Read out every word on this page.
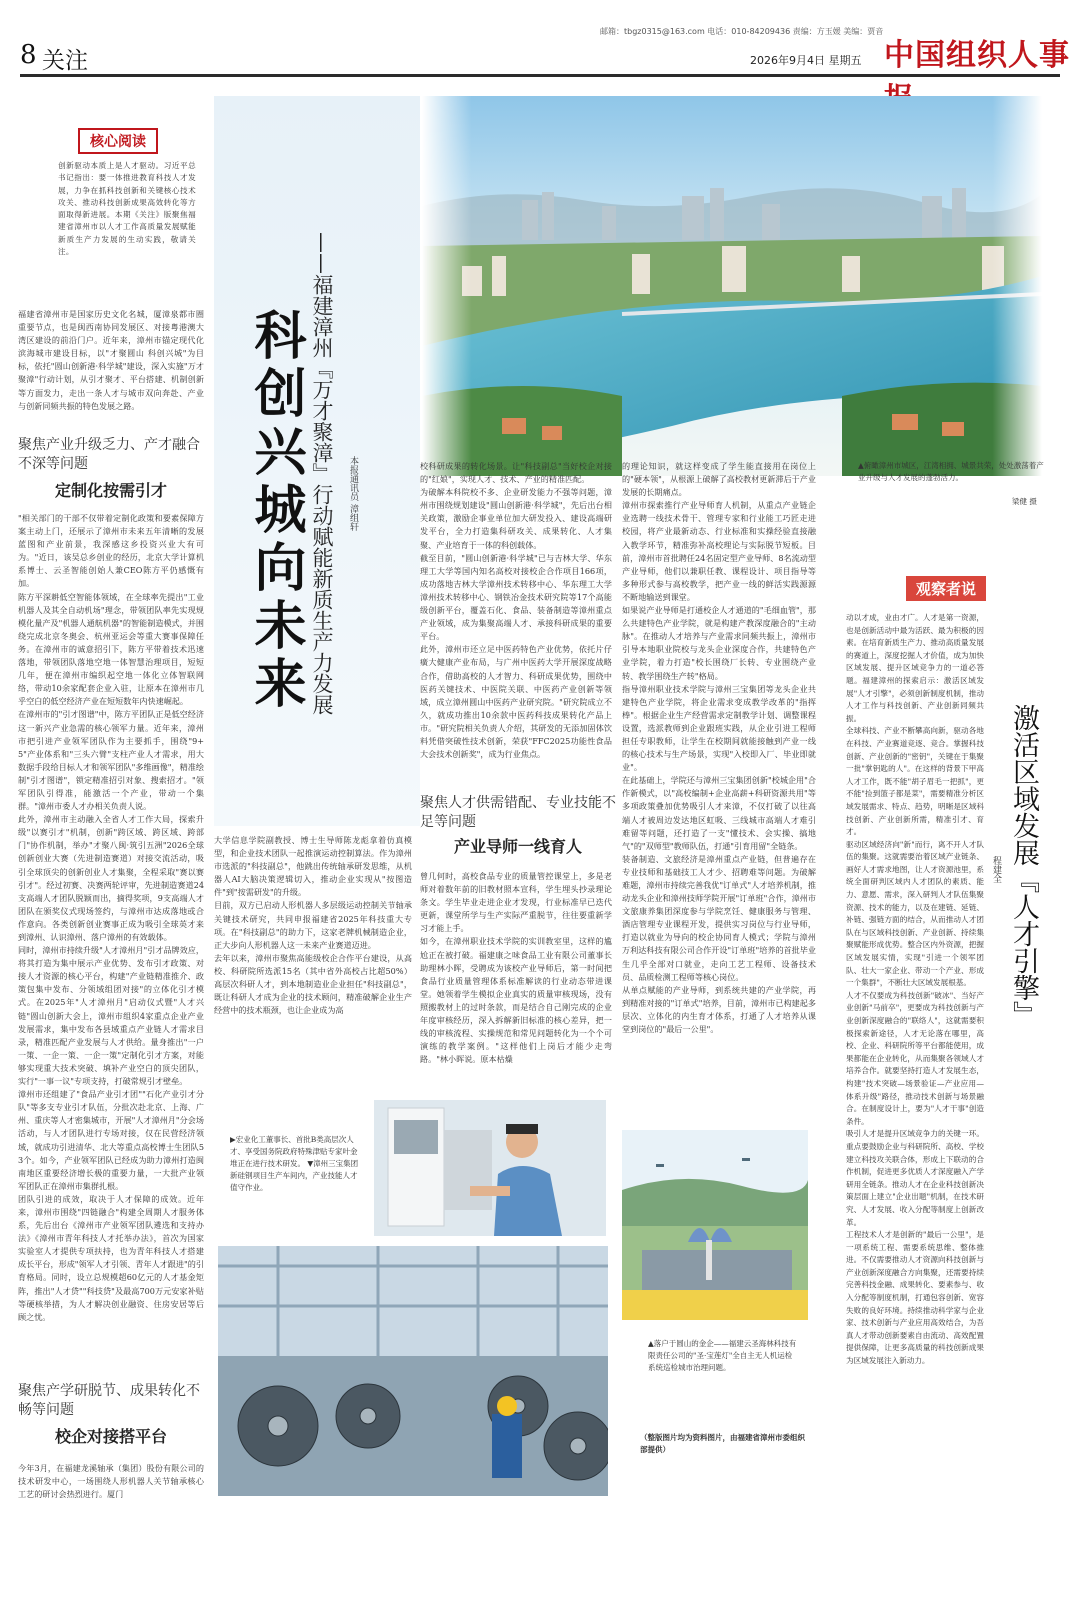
8 关注
邮箱：tbgz0315@163.com 电话：010-84209436 责编：方玉媛 美编：贾音
2026年9月4日 星期五 中国组织人事
▲俯瞰漳州市城区，江湾相拥、城景共荣，处处激荡着产业升级与人才发展的蓬勃活力。
梁健 摄
核心阅读
创新驱动本质上是人才驱动。习近平总书记指出：要一体推进教育科技人才发展，力争在抓科技创新和关键核心技术攻关、推动科技创新成果高效转化等方面取得新进展。本期《关注》版聚焦福建省漳州市以人才工作高质量发展赋能新质生产力发展的生动实践，敬请关注。
福建省漳州市是国家历史文化名城，厦漳泉都市圈重要节点，也是闽西南协同发展区、对接粤港澳大湾区建设的前沿门户。近年来，漳州市锚定现代化滨海城市建设目标，以"才聚圆山 科创兴城"为目标，依托"圆山创新港·科学城"建设，深入实施"万才聚漳"行动计划，从引才聚才、平台搭建、机制创新等方面发力，走出一条人才与城市双向奔赴、产业与创新同频共振的特色发展之路。
聚焦产业升级乏力、产才融合不深等问题
定制化按需引才
"相关部门的干部不仅带着定制化政策和要素保障方案主动上门，还展示了漳州市未来五年清晰的发展蓝图和产业前景，我深感这乡投资兴业大有可为。"近日，该吴总乡创业的经历，北京大学计算机系博士、云圣智能创始人兼CEO陈方平仍感慨有加。
陈方平深耕低空智能体领域，在全球率先提出"工业机器人及其全自动机场"理念，带领团队率先实现规模化量产及"机器人通航机器"的智能制造模式，并围绕完成北京冬奥会、杭州亚运会等重大赛事保障任务。在漳州市的诚意招引下，陈方平带着技术迅速落地，带领团队落地空地一体智慧治理项目，短短几年，便在漳州市编织起空地一体化立体智联网络，带动10余家配套企业入驻，让原本在漳州市几乎空白的低空经济产业在短短数年内快速崛起。
在漳州市的"引才图谱"中，陈方平团队正是低空经济这一新兴产业急需的核心领军力量。近年来，漳州市把引进产业领军团队作为主要抓手，围绕"9+5"产业体系和"三头六臂"支柱产业人才需求，用大数据手段给目标人才和领军团队"多维画像"，精准绘制"引才图谱"，锁定精准招引对象、搜索招才。"领军团队引得准，能激活一个产业，带动一个集群。"漳州市委人才办相关负责人说。
此外，漳州市主动融入全省人才工作大局，探索升级"以赛引才"机制，创新"跨区域、跨区域、跨部门"协作机制，举办"才聚八闽·筑引五洲"2026全球创新创业大赛（先进制造赛道）对接交流活动，吸引全球顶尖的创新创业人才集聚，全程采取"赛以赛引才"。经过初赛、决赛两轮评审，先进制造赛道24支高端人才团队脱颖而出，摘得奖项，9支高端人才团队在颁奖仪式现场签约，与漳州市达成落地或合作意向。各类创新创业赛事正成为吸引全球英才来到漳州、认识漳州、落户漳州的有效载体。
同时，漳州市持续升级"人才漳州月"引才品牌效应，将其打造为集中展示产业优势、发布引才政策、对接人才资源的核心平台，构建"产业链精准推介、政策包集中发布、分领域组团对接"的立体化引才模式。在2025年"人才漳州月"启动仪式暨"人才兴链"圆山创新大会上，漳州市组织4家重点企业产业发展需求，集中发布各县域重点产业链人才需求目录，精准匹配产业发展与人才供给。量身推出"一户一策、一企一策、一企一策"定制化引才方案，对能够实现重大技术突破、填补产业空白的顶尖团队，实行"一事一议"专项支持，打破常规引才壁垒。
漳州市还组建了"食品产业引才团""石化产业引才分队"等多支专业引才队伍，分批次赴北京、上海、广州、重庆等人才密集城市，开展"人才漳州月"分会场活动，与人才团队进行专场对接，仅在民营经济领域，就成功引进清华、北大等重点高校博士生团队53个。如今，产业领军团队已经成为助力漳州打造闽南地区重要经济增长极的重要力量，一大批产业领军团队正在漳州市集群扎根。
团队引进的成效，取决于人才保障的成效。近年来，漳州市围绕"四链融合"构建全周期人才服务体系，先后出台《漳州市产业领军团队遴选和支持办法》《漳州市青年科技人才托举办法》，首次为国家实验室人才提供专项扶持，也为青年科技人才搭建成长平台，形成"领军人才引领、青年人才跟进"的引育格局。同时，设立总规模超60亿元的人才基金矩阵，推出"人才贷""科技贷"及最高700万元安家补贴等硬核举措，为人才解决创业融资、住房安居等后顾之忧。
聚焦产学研脱节、成果转化不畅等问题
校企对接搭平台
今年3月，在福建龙溪轴承（集团）股份有限公司的技术研发中心，一场围绕人形机器人关节轴承核心工艺的研讨会热烈进行。厦门
科创兴城向未来 ——福建漳州『万才聚漳』行动赋能新质生产力发展 本报通讯员 漳组轩
大学信息学院副教授、博士生导师陈龙彪拿着仿真模型，和企业技术团队一起推演运动控制算法。作为漳州市选派的"科技副总"，他跳出传统轴承研发思维，从机器人AI大脑决策逻辑切入，推动企业实现从"按图造件"到"按需研发"的升级。
目前，双方已启动人形机器人多层级运动控制关节轴承关键技术研究，共同申报福建省2025年科技重大专项。在"科技副总"的助力下，这家老牌机械制造企业，正大步向人形机器人这一未来产业赛道迈进。
去年以来，漳州市聚焦高能级校企合作平台建设，从高校、科研院所选派15名（其中省外高校占比超50%）高层次科研人才，到本地制造业企业担任"科技副总"，既让科研人才成为企业的技术顾问，精准破解企业生产经营中的技术瓶颈，也让企业成为高
校科研成果的转化场景。让"科技副总"当好校企对接的"红娘"，实现人才、技术、产业的精准匹配。
为破解本科院校不多、企业研发能力不强等问题，漳州市围绕规划建设"圆山创新港·科学城"，先后出台相关政策，激励企事业单位加大研发投入、建设高端研发平台，全力打造集科研攻关、成果转化、人才集聚、产业培育于一体的科创载体。
截至目前，"圆山创新港·科学城"已与吉林大学、华东理工大学等国内知名高校对接校企合作项目166项，成功落地吉林大学漳州技术转移中心、华东理工大学漳州技术转移中心、钢铁冶金技术研究院等17个高能级创新平台，覆盖石化、食品、装备制造等漳州重点产业领域，成为集聚高端人才、承接科研成果的重要平台。
此外，漳州市还立足中医药特色产业优势，依托片仔癀大健康产业布局，与广州中医药大学开展深度战略合作，借助高校的人才智力、科研成果优势，围绕中医药关键技术、中医院关联、中医药产业创新等领域，成立漳州圆山中医药产业研究院。"研究院成立不久，就成功推出10余款中医药科技成果转化产品上市。"研究院相关负责人介绍，其研发的无添加固体饮料凭借突破性技术创新，荣获"FFC2025功能性食品大会技术创新奖"，成为行业焦点。
聚焦人才供需错配、专业技能不足等问题
产业导师一线育人
曾几何时，高校食品专业的质量管控课堂上，多是老师对着数年前的旧教材照本宣科，学生埋头抄录理论条文。学生毕业走进企业才发现，行业标准早已迭代更新，课堂所学与生产实际严重脱节，往往要重新学习才能上手。
如今，在漳州职业技术学院的实训教室里，这样的尴尬正在被打破。福建康之味食品工业有限公司董事长助理林小晖，受聘成为该校产业导师后，第一时间把食品行业质量管理体系标准解读的行业动态带进课堂。她领着学生模拟企业真实的质量审核现场，没有照搬教材上的过时条款，而是结合自己刚完成的企业年度审核经历，深入拆解新旧标准的核心差异，把一线的审核流程、实操规范和常见问题转化为一个个可演练的教学案例。"这样他们上岗后才能少走弯路。"林小晖说。原本枯燥
的理论知识，就这样变成了学生能直接用在岗位上的"硬本领"，从根源上破解了高校教材更新滞后于产业发展的长期痛点。
漳州市探索推行产业导师育人机制，从重点产业链企业选聘一线技术骨干、管理专家和行业能工巧匠走进校园，将产业最新动态、行业标准和实操经验直接融入教学环节，精准弥补高校理论与实际脱节短板。目前，漳州市首批聘任24名固定型产业导师、8名流动型产业导师，他们以兼职任教、课程设计、项目指导等多种形式参与高校教学，把产业一线的鲜活实践源源不断地输送到课堂。
如果说产业导师是打通校企人才通道的"毛细血管"，那么共建特色产业学院，就是构建产教深度融合的"主动脉"。在推动人才培养与产业需求同频共振上，漳州市引导本地职业院校与龙头企业深度合作，共建特色产业学院，着力打造"校长围绕厂长转、专业围绕产业转、教学围绕生产转"格局。
指导漳州职业技术学院与漳州三宝集团等龙头企业共建特色产业学院，将企业需求变成教学改革的"指挥棒"。根据企业生产经营需求定制教学计划、调整课程设置，选派教师到企业跟班实践，从企业引进工程师担任专职教师，让学生在校期间就能接触到产业一线的核心技术与生产场景，实现"入校即入厂、毕业即就业"。
在此基础上，学院还与漳州三宝集团创新"校城企用"合作新模式，以"高校编制+企业高薪+科研资源共用"等多项政策叠加优势吸引人才来漳，不仅打破了以往高端人才被周边发达地区虹吸、三线城市高端人才难引难留等问题，还打造了一支"懂技术、会实操、搞地气"的"双师型"教师队伍，打通"引育用留"全链条。
装备制造、文旅经济是漳州重点产业链，但普遍存在专业技师和基础技工人才少、招聘难等问题。为破解难题，漳州市持续完善我优"订单式"人才培养机制，推动龙头企业和漳州技师学院开展"订单班"合作，漳州市文旅康养集团深度参与学院烹饪、健康服务与管理、酒店管理专业课程开发，提供实习岗位与行业导师，打造以就业为导向的校企协同育人模式；学院与漳州万利达科技有限公司合作开设"订单班"培养的首批毕业生几乎全部对口就业，走向工艺工程师、设备技术员、品质检测工程师等核心岗位。
从单点赋能的产业导师，到系统共建的产业学院，再到精准对接的"订单式"培养，目前，漳州市已构建起多层次、立体化的内生育才体系，打通了人才培养从课堂到岗位的"最后一公里"。
▶宏业化工董事长、首批B类高层次人才、享受国务院政府特殊津贴专家叶金堆正在进行技术研发。 ▼漳州三宝集团新硅钢项目生产车间内，产业技能人才值守作业。
▲落户于圆山的金企——福建云圣海林科技有限责任公司的"圣·宝莲灯"全自主无人机运检系统巡检城市治理问题。
（整版图片均为资料图片，由福建省漳州市委组织部提供）
观察者说
激活区域发展『人才引擎』
程建全
动以才成，业由才广。人才是第一资源，也是创新活动中最为活跃、最为积极的因素。在培育新质生产力、推动高质量发展的赛道上，深度挖掘人才价值，成为加快区域发展、提升区域竞争力的一道必答题。福建漳州的探索启示：激活区域发展"人才引擎"，必须创新制度机制，推动人才工作与科技创新、产业创新同频共振。
全球科技、产业不断攀高向新，驱动各地在科技、产业赛道竞逐、竞合。掌握科技创新、产业创新的"密钥"，关键在于集聚一批"掌钥匙的人"。在这样的背景下甲高人才工作，既不能"胡子眉毛一把抓"，更不能"捡到篮子都是菜"，需要精准分析区域发展需求、特点、趋势，明晰是区域科技创新、产业创新所需，精准引才、育才。
驱动区域经济向"新"而行，离不开人才队伍的集聚。这就需要治着区域产业链条、画好人才需求地图，让人才资源池里，系统全面研判区域内人才团队的素质、能力、意愿、需求，深入研判人才队伍集聚资源、技术的能力，以及在建链、延链、补链、强链方面的结合，从而推动人才团队在与区域科技创新、产业创新、持续集聚赋能形成优势。整合区内外资源，把握区域发展实情，实现"引进一个领军团队、壮大一家企业、带动一个产业、形成一个集群"，不断壮大区域发展根基。
人才不仅要成为科技创新"破冰"、当好产业创新"马前卒"，更要成为科技创新与产业创新深度融合的"联络人"，这就需要积极探索新途径，人才无论落在哪里，高校、企业、科研院所等平台都能使用，成果都能在企业转化，从而集聚各领域人才培养合作。就要坚持打造人才发展生态，构建"技术突破—场景验证—产业应用—体系升级"路径，推动技术创新与场景融合。在制度设计上，要为"人才干事"创造条件。
吸引人才是提升区域竞争力的关键一环。重点要鼓励企业与科研院所、高校、学校建立科技攻关联合体，形成上下联动的合作机制，促进更多优质人才深度融入产学研用全链条。推动人才在企业科技创新决策层面上建立"企业出题"机制，在技术研究、人才发展、收入分配等制度上创新改革。
工程技术人才是创新的"最后一公里"，是一项系统工程、需要系统思维、整体推进。不仅需要推动人才资源向科技创新与产业创新深度融合方向集聚，还需要持续完善科技金融、成果转化、要素参与、收入分配等制度机制，打通包容创新、宽容失败的良好环境。持续推动科学家与企业家、技术创新与产业应用高效结合，为吾真人才带动创新要素自由流动、高效配置提供保障，让更多高质量的科技创新成果为区域发展注入新动力。
